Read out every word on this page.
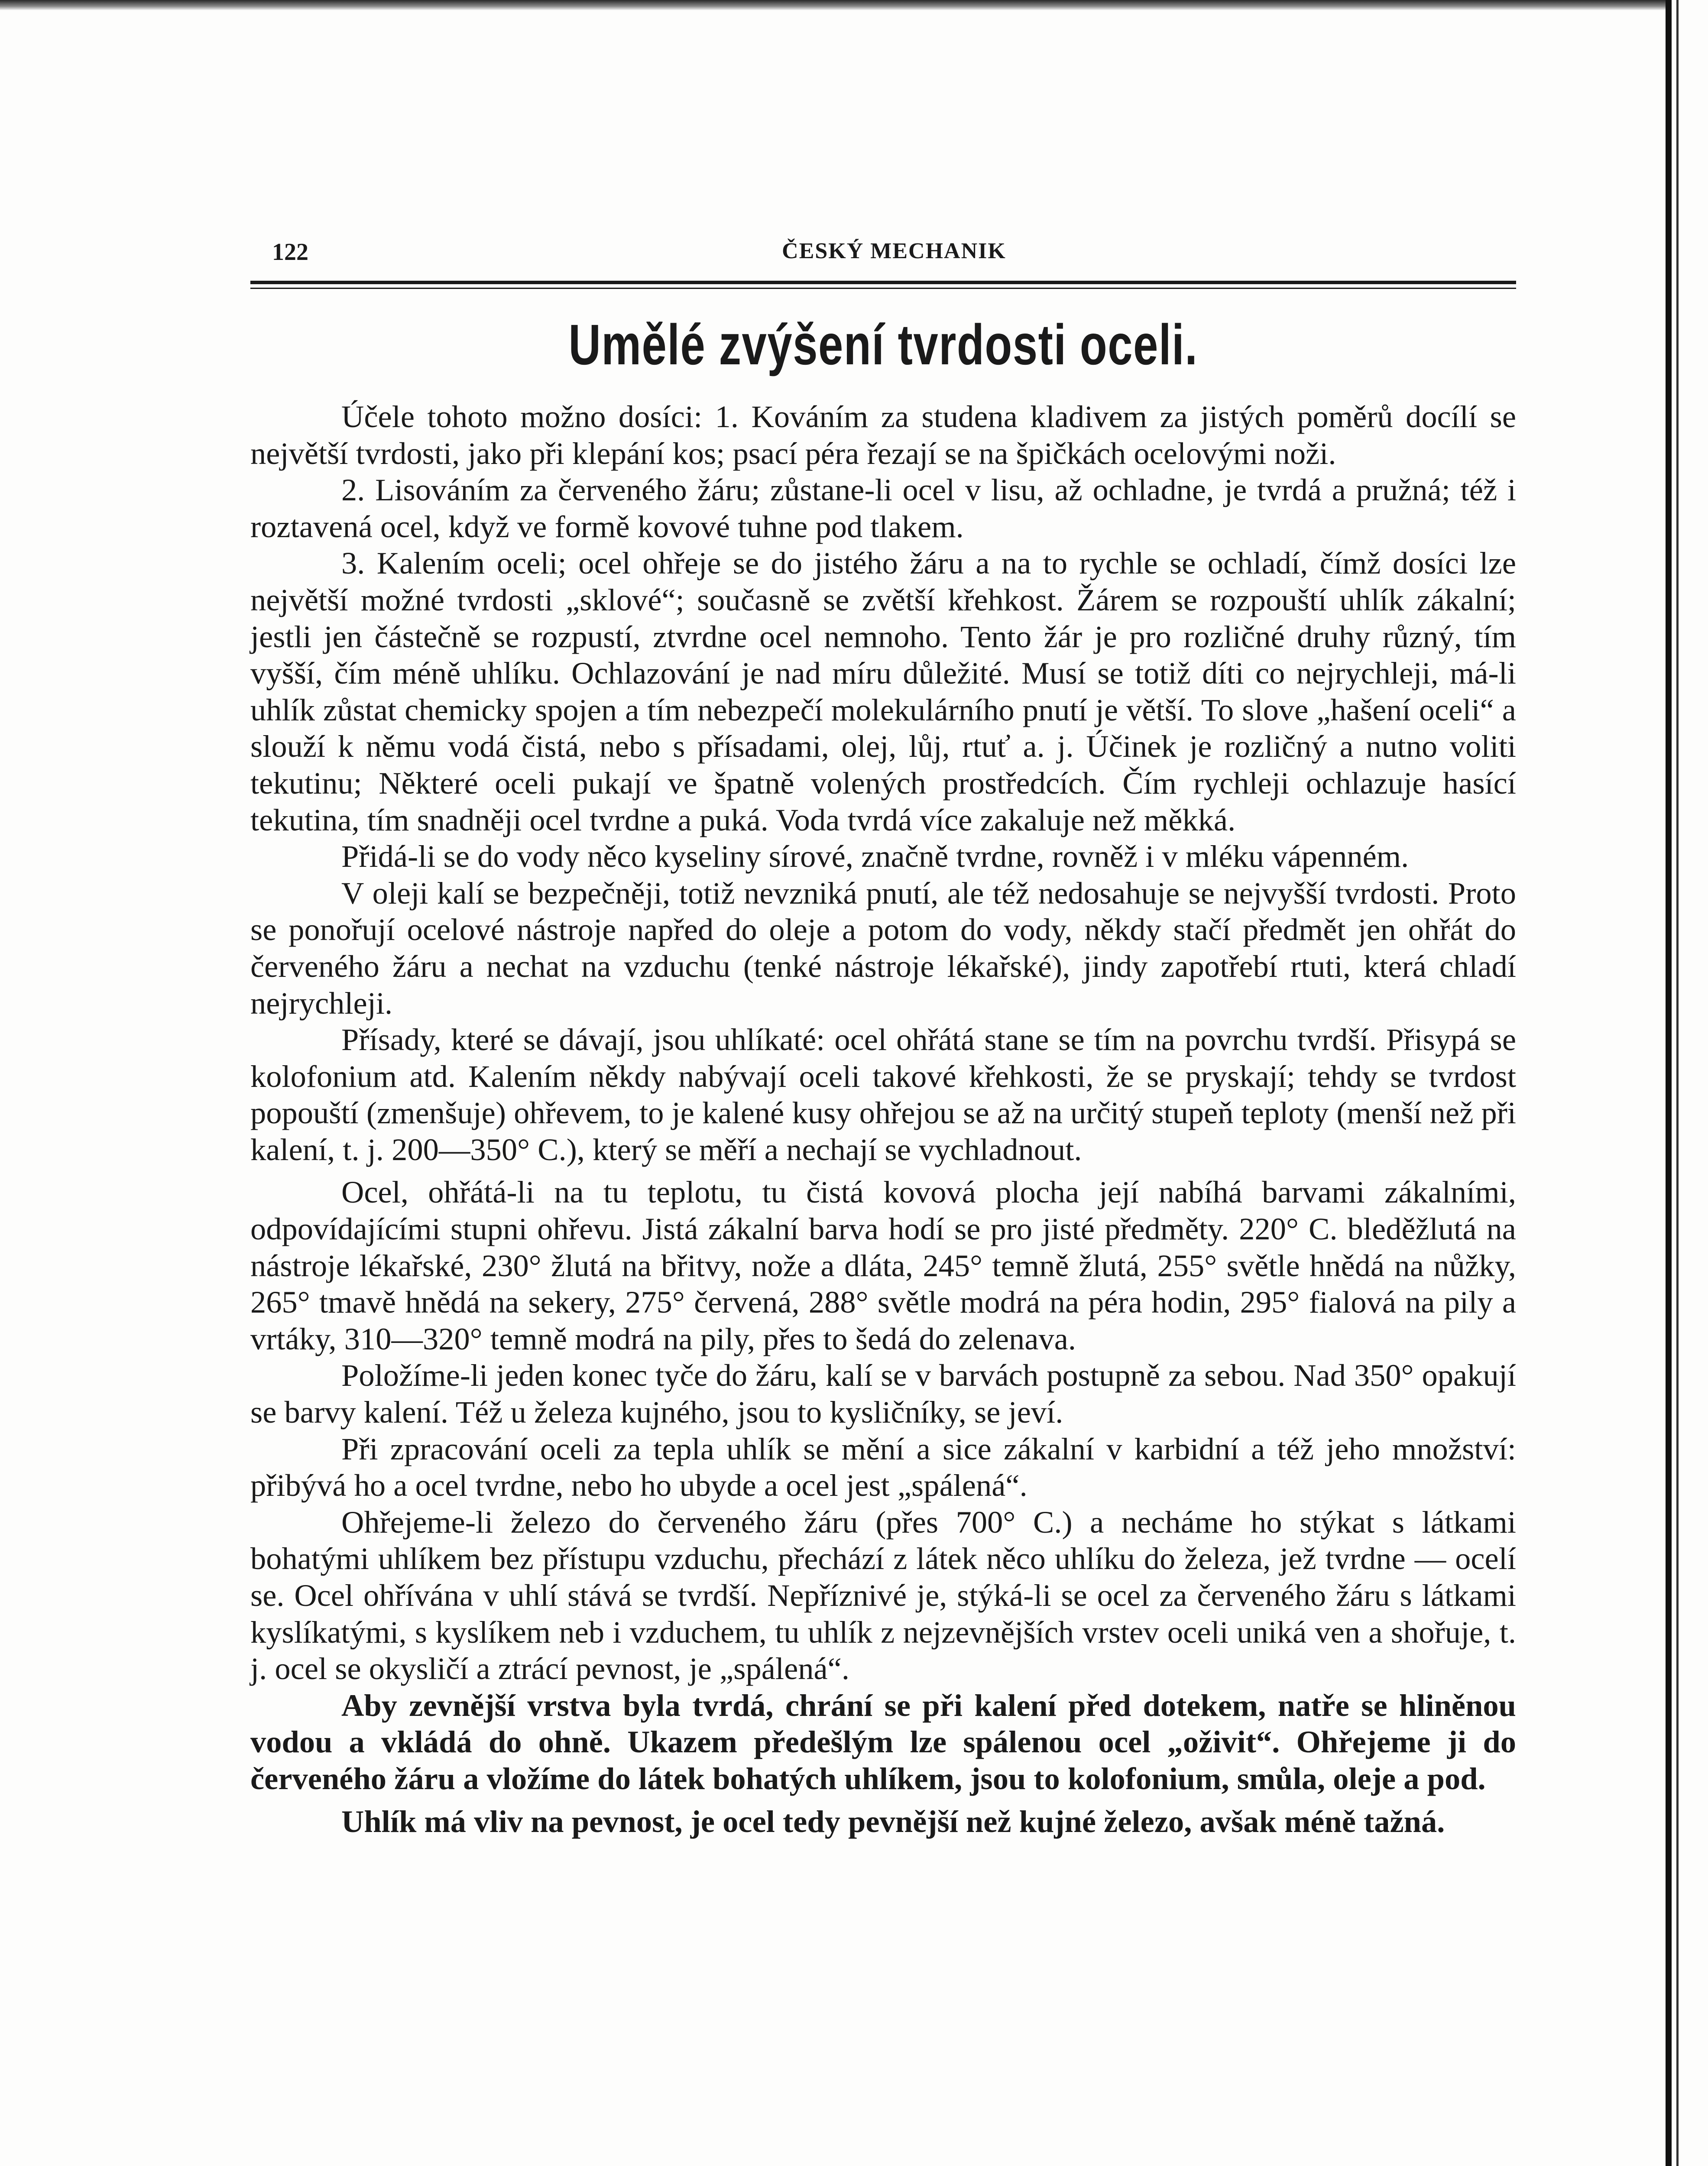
122	ČESKÝ MECHANIK
Umělé zvýšení tvrdosti oceli.

Účele tohoto možno dosíci: 1. Kováním za studena kladivem za jistých poměrů docílí se největší tvrdosti, jako při klepání kos; psací péra řezají se na špičkách ocelovými noži.

2. Lisováním za červeného žáru; zůstane-li ocel v lisu, až ochladne, je tvrdá a pružná; též i roztavená ocel, když ve formě kovové tuhne pod tlakem.

3. Kalením oceli; ocel ohřeje se do jistého žáru a na to rychle se ochladí, čímž dosíci lze největší možné tvrdosti „sklové“; současně se zvětší křehkost. Žárem se rozpouští uhlík zákalní; jestli jen částečně se rozpustí, ztvrdne ocel nemnoho. Tento žár je pro rozličné druhy různý, tím vyšší, čím méně uhlíku. Ochlazování je nad míru důležité. Musí se totiž díti co nejrychleji, má-li uhlík zůstat chemicky spojen a tím nebezpečí molekulárního pnutí je větší. To slove „hašení oceli“ a slouží k němu vodá čistá, nebo s přísadami, olej, lůj, rtuť a. j. Účinek je rozličný a nutno voliti tekutinu; Některé oceli pukají ve špatně volených prostředcích. Čím rychleji ochlazuje hasící tekutina, tím snadněji ocel tvrdne a puká. Voda tvrdá více zakaluje než měkká.

Přidá-li se do vody něco kyseliny sírové, značně tvrdne, rovněž i v mléku vápenném.

V oleji kalí se bezpečněji, totiž nevzniká pnutí, ale též nedosahuje se nejvyšší tvrdosti. Proto se ponořují ocelové nástroje napřed do oleje a potom do vody, někdy stačí předmět jen ohřát do červeného žáru a nechat na vzduchu (tenké nástroje lékařské), jindy zapotřebí rtuti, která chladí nejrychleji.

Přísady, které se dávají, jsou uhlíkaté: ocel ohřátá stane se tím na povrchu tvrdší. Přisypá se kolofonium atd. Kalením někdy nabývají oceli takové křehkosti, že se pryskají; tehdy se tvrdost popouští (zmenšuje) ohřevem, to je kalené kusy ohřejou se až na určitý stupeň teploty (menší než při kalení, t. j. 200—350° C.), který se měří a nechají se vychladnout.

Ocel, ohřátá-li na tu teplotu, tu čistá kovová plocha její nabíhá barvami zákalními, odpovídajícími stupni ohřevu. Jistá zákalní barva hodí se pro jisté předměty. 220° C. bleděžlutá na nástroje lékařské, 230° žlutá na břitvy, nože a dláta, 245° temně žlutá, 255° světle hnědá na nůžky, 265° tmavě hnědá na sekery, 275° červená, 288° světle modrá na péra hodin, 295° fialová na pily a vrtáky, 310—320° temně modrá na pily, přes to šedá do zelenava.

Položíme-li jeden konec tyče do žáru, kalí se v barvách postupně za sebou. Nad 350° opakují se barvy kalení. Též u železa kujného, jsou to kysličníky, se jeví.

Při zpracování oceli za tepla uhlík se mění a sice zákalní v karbidní a též jeho množství: přibývá ho a ocel tvrdne, nebo ho ubyde a ocel jest „spálená“.

Ohřejeme-li železo do červeného žáru (přes 700° C.) a necháme ho stýkat s látkami bohatými uhlíkem bez přístupu vzduchu, přechází z látek něco uhlíku do železa, jež tvrdne — ocelí se. Ocel ohřívána v uhlí stává se tvrdší. Nepříznivé je, stýká-li se ocel za červeného žáru s látkami kyslíkatými, s kyslíkem neb i vzduchem, tu uhlík z nejzevnějších vrstev oceli uniká ven a shořuje, t. j. ocel se okysličí a ztrácí pevnost, je „spálená“.

Aby zevnější vrstva byla tvrdá, chrání se při kalení před dotekem, natře se hliněnou vodou a vkládá do ohně. Ukazem předešlým lze spálenou ocel „oživit“. Ohřejeme ji do červeného žáru a vložíme do látek bohatých uhlíkem, jsou to kolofonium, smůla, oleje a pod.

Uhlík má vliv na pevnost, je ocel tedy pevnější než kujné železo, avšak méně tažná.
